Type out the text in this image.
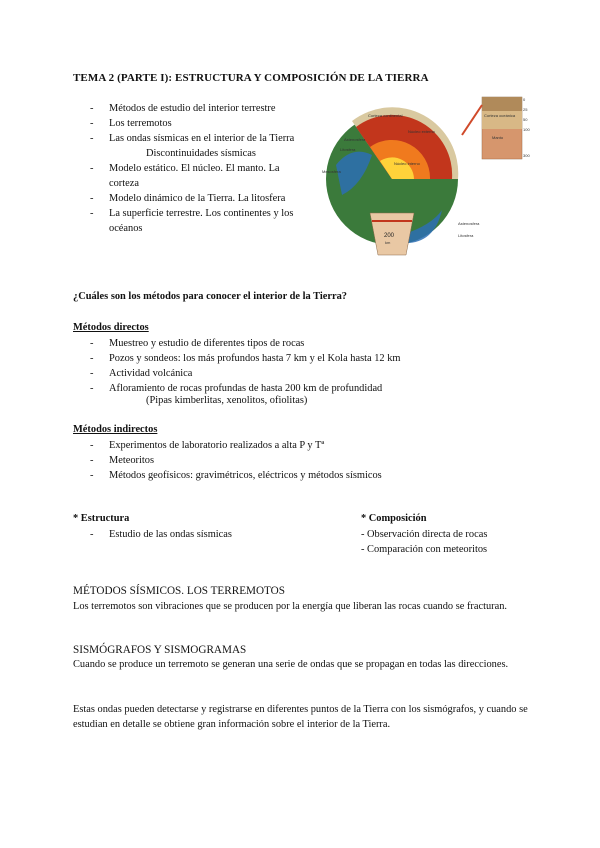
TEMA 2 (PARTE I): ESTRUCTURA Y COMPOSICIÓN DE LA TIERRA
- Métodos de estudio del interior terrestre
- Los terremotos
- Las ondas sísmicas en el interior de la Tierra
Discontinuidades sísmicas
- Modelo estático. El núcleo. El manto. La
corteza
- Modelo dinámico de la Tierra. La litosfera
- La superficie terrestre. Los continentes y los
océanos
200
km
0
25
50
100
300
Corteza oceánica
Manto
Mesosfera
Litosfera
Astenosfera
Corteza continental
Núcleo externo
Núcleo interno
Astenosfera
Litosfera
¿Cuáles son los métodos para conocer el interior de la Tierra?
Métodos directos
- Muestreo y estudio de diferentes tipos de rocas
- Pozos y sondeos: los más profundos hasta 7 km y el Kola hasta 12 km
- Actividad volcánica
- Afloramiento de rocas profundas de hasta 200 km de profundidad
(Pipas kimberlitas, xenolitos, ofiolitas)
Métodos indirectos
- Experimentos de laboratorio realizados a alta P y Tª
- Meteoritos
- Métodos geofísicos: gravimétricos, eléctricos y métodos sísmicos
* Estructura
- Estudio de las ondas sísmicas
* Composición
- Observación directa de rocas
- Comparación con meteoritos
MÉTODOS SÍSMICOS. LOS TERREMOTOS
Los terremotos son vibraciones que se producen por la energía que liberan las rocas cuando se fracturan.
SISMÓGRAFOS Y SISMOGRAMAS
Cuando se produce un terremoto se generan una serie de ondas que se propagan en todas las direcciones.
Estas ondas pueden detectarse y registrarse en diferentes puntos de la Tierra con los sismógrafos, y cuando se estudian en detalle se obtiene gran información sobre el interior de la Tierra.
